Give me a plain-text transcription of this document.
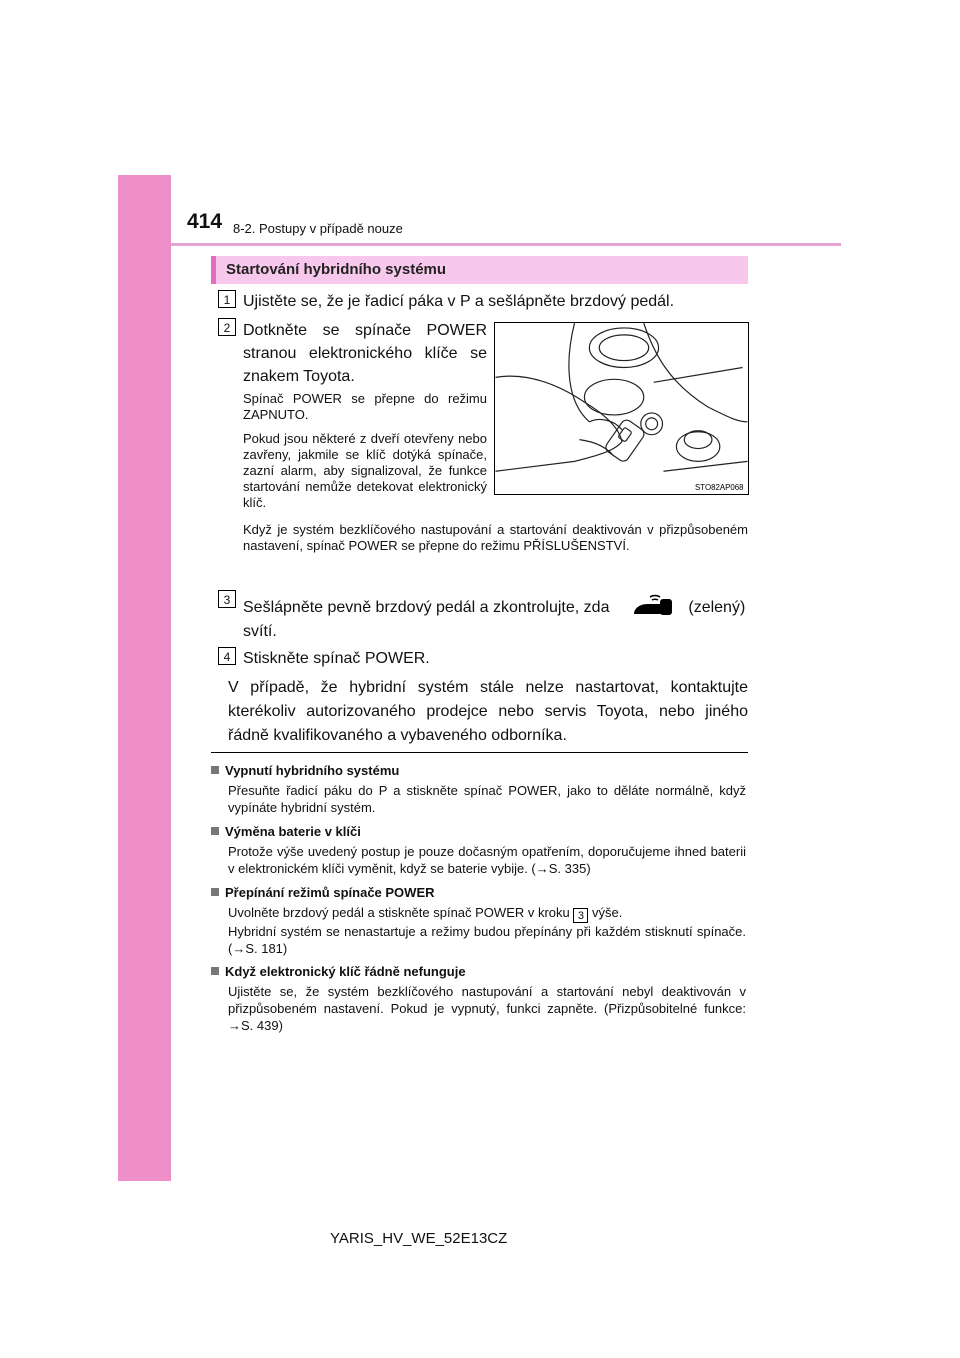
414 8-2. Postupy v případě nouze
Startování hybridního systému
1 Ujistěte se, že je řadicí páka v P a sešlápněte brzdový pedál.

2 Dotkněte se spínače POWER stranou elektronického klíče se znakem Toyota.

Spínač POWER se přepne do režimu ZAPNUTO.

Pokud jsou některé z dveří otevřeny nebo zavřeny, jakmile se klíč dotýká spínače, zazní alarm, aby signalizoval, že funkce startování nemůže detekovat elektronický klíč.

STO82AP068

Když je systém bezklíčového nastupování a startování deaktivován v přizpůsobeném nastavení, spínač POWER se přepne do režimu PŘÍSLUŠENSTVÍ.

3 Sešlápněte pevně brzdový pedál a zkontrolujte, zda	(zelený) svítí.

4 Stiskněte spínač POWER.

V případě, že hybridní systém stále nelze nastartovat, kontaktujte kterékoliv autorizovaného prodejce nebo servis Toyota, nebo jiného řádně kvalifikovaného a vybaveného odborníka.

Vypnutí hybridního systému

Přesuňte řadicí páku do P a stiskněte spínač POWER, jako to děláte normálně, když vypínáte hybridní systém.

Výměna baterie v klíči

Protože výše uvedený postup je pouze dočasným opatřením, doporučujeme ihned baterii v elektronickém klíči vyměnit, když se baterie vybije. (→S. 335)

Přepínání režimů spínače POWER

Uvolněte brzdový pedál a stiskněte spínač POWER v kroku 3 výše.
Hybridní systém se nenastartuje a režimy budou přepínány při každém stisknutí spínače. (→S. 181)

Když elektronický klíč řádně nefunguje

Ujistěte se, že systém bezklíčového nastupování a startování nebyl deaktivován v přizpůsobeném nastavení. Pokud je vypnutý, funkci zapněte. (Přizpůsobitelné funkce: →S. 439)

YARIS_HV_WE_52E13CZ
